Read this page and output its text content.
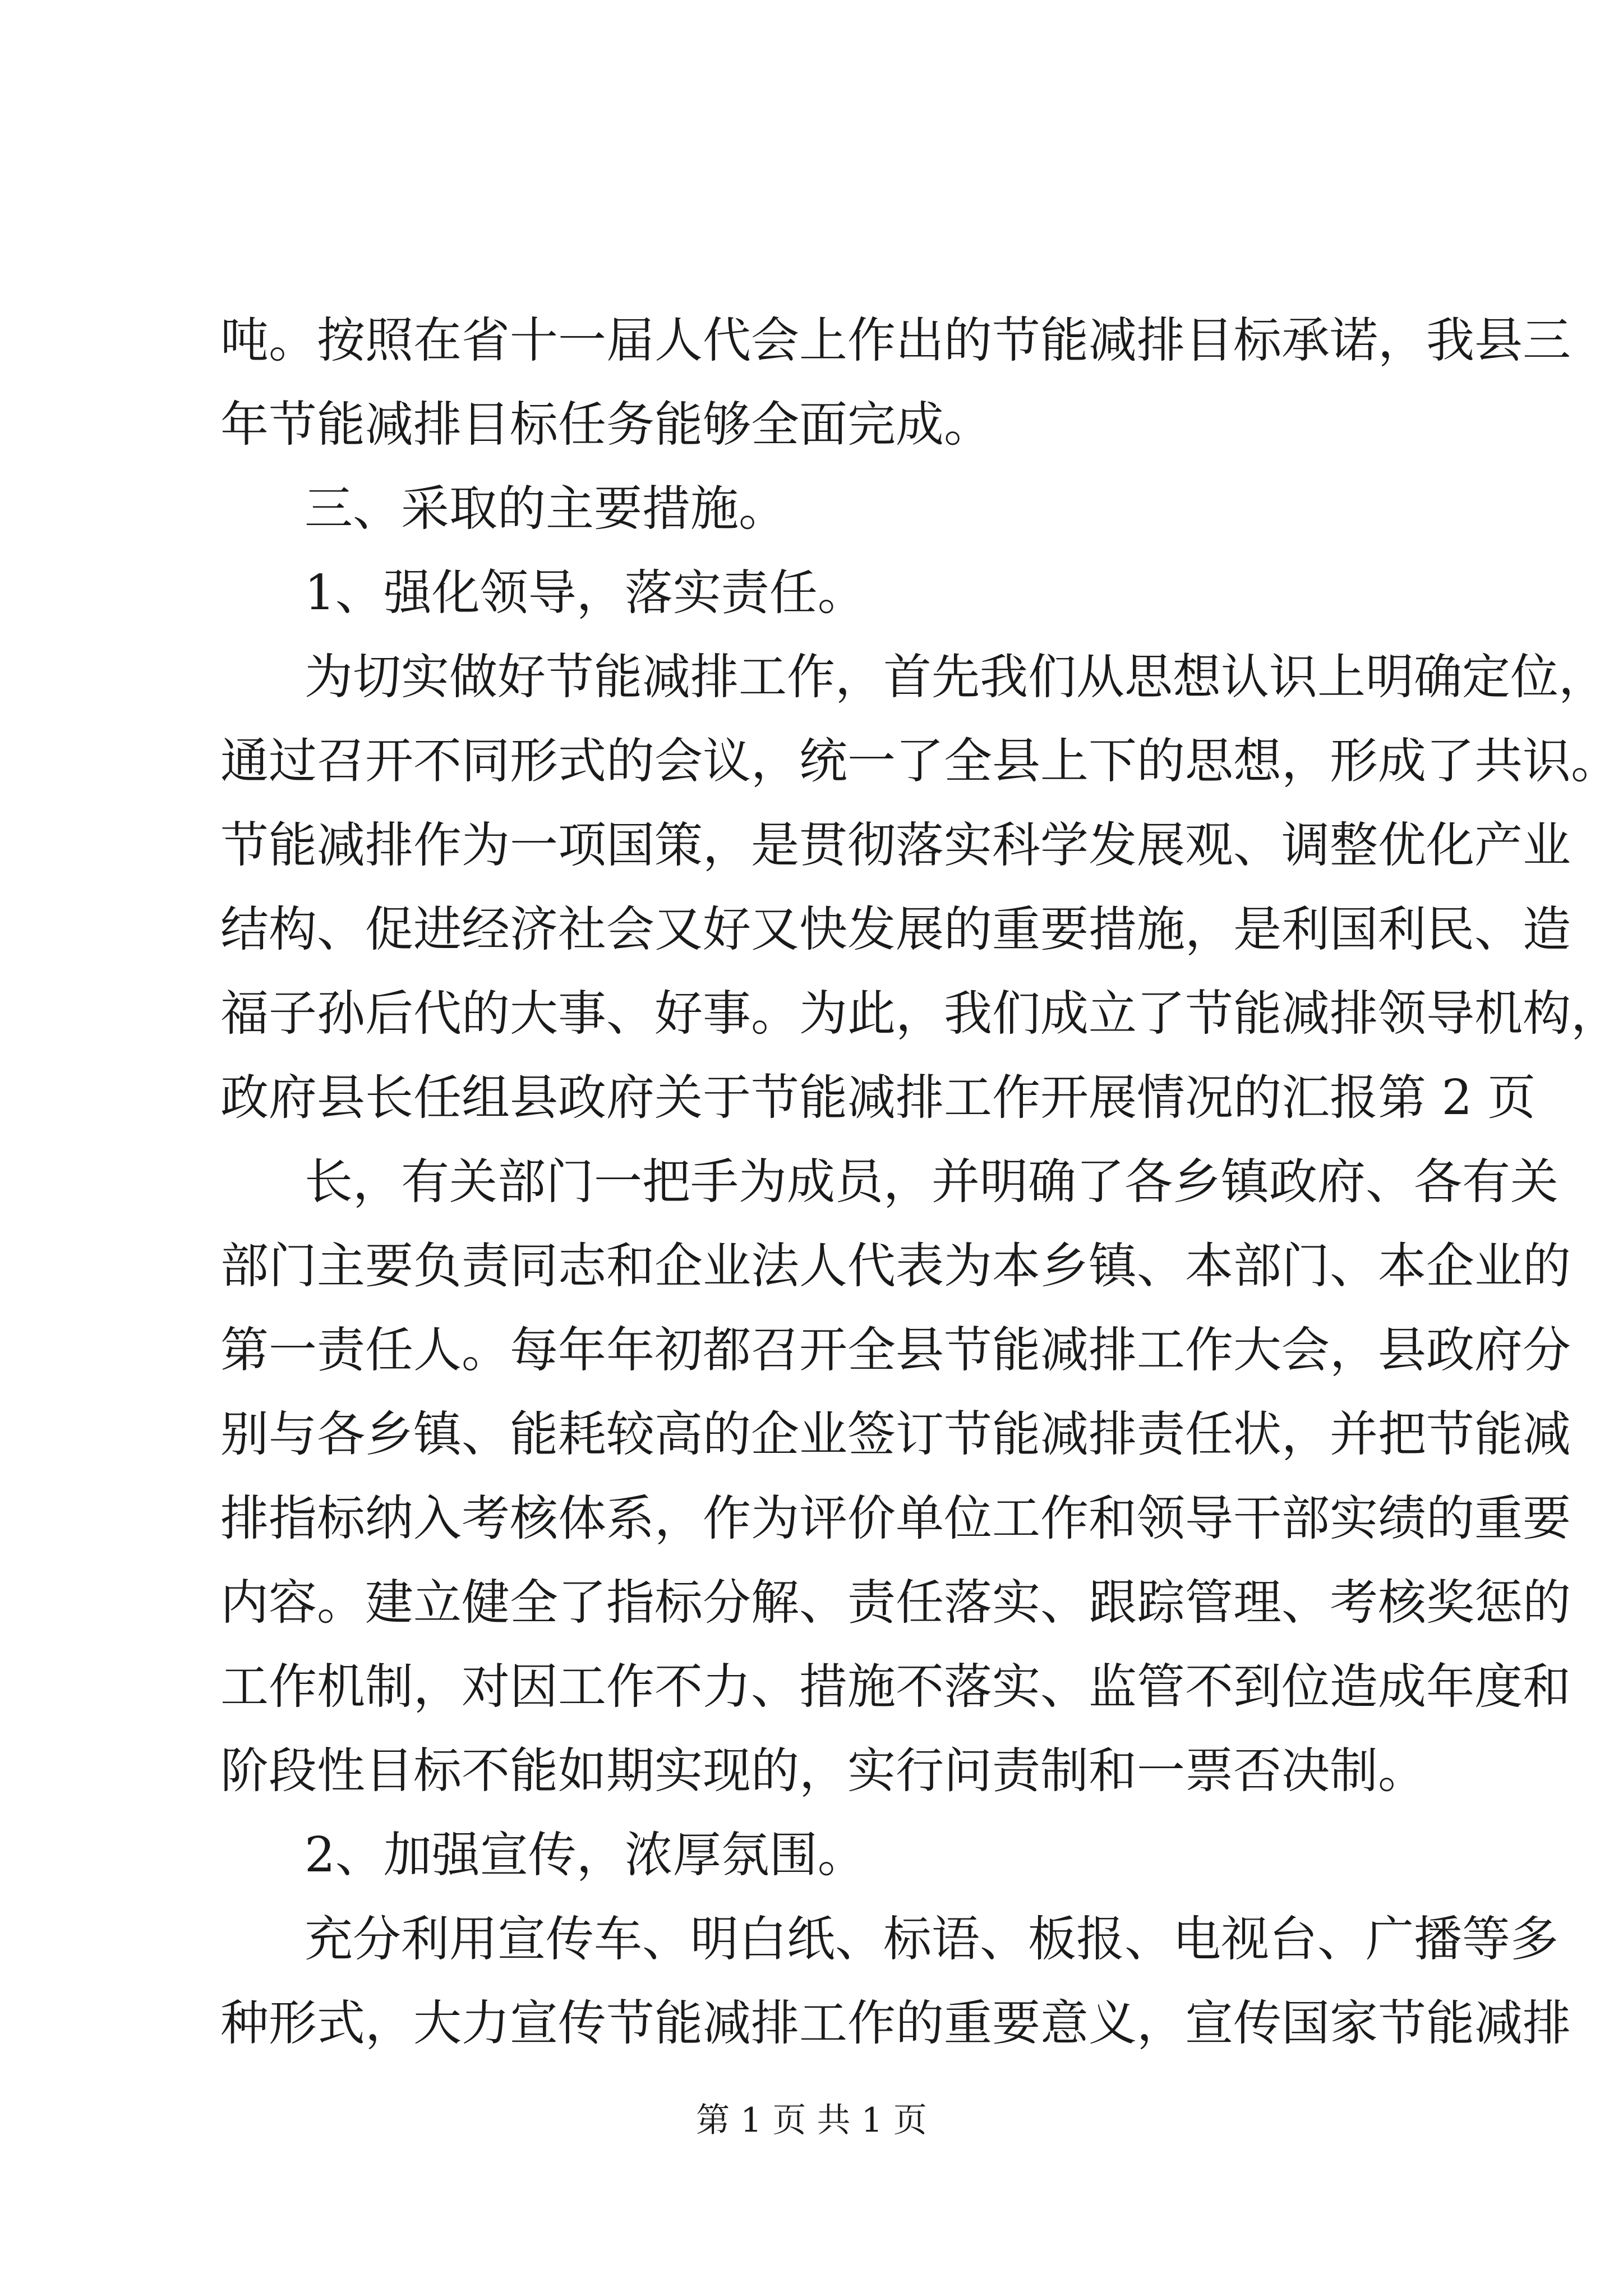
吨。按照在省十一届人代会上作出的节能减排目标承诺，我县三
年节能减排目标任务能够全面完成。
三、采取的主要措施。
1、强化领导，落实责任。
为切实做好节能减排工作，首先我们从思想认识上明确定位，
通过召开不同形式的会议，统一了全县上下的思想，形成了共识。
节能减排作为一项国策，是贯彻落实科学发展观、调整优化产业
结构、促进经济社会又好又快发展的重要措施，是利国利民、造
福子孙后代的大事、好事。为此，我们成立了节能减排领导机构，
政府县长任组县政府关于节能减排工作开展情况的汇报第 2 页
长，有关部门一把手为成员，并明确了各乡镇政府、各有关
部门主要负责同志和企业法人代表为本乡镇、本部门、本企业的
第一责任人。每年年初都召开全县节能减排工作大会，县政府分
别与各乡镇、能耗较高的企业签订节能减排责任状，并把节能减
排指标纳入考核体系，作为评价单位工作和领导干部实绩的重要
内容。建立健全了指标分解、责任落实、跟踪管理、考核奖惩的
工作机制，对因工作不力、措施不落实、监管不到位造成年度和
阶段性目标不能如期实现的，实行问责制和一票否决制。
2、加强宣传，浓厚氛围。
充分利用宣传车、明白纸、标语、板报、电视台、广播等多
种形式，大力宣传节能减排工作的重要意义，宣传国家节能减排
第 1 页 共 1 页
